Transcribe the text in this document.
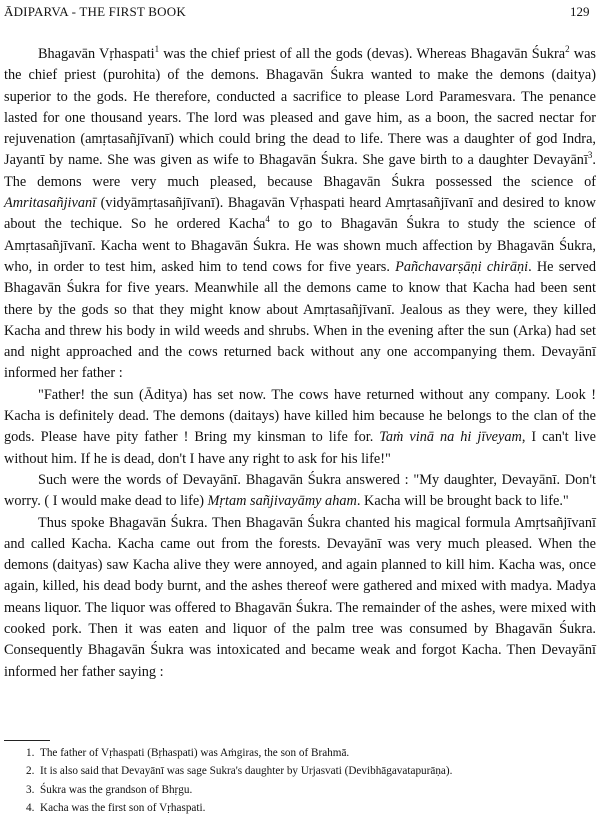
ĀDIPARVA - THE FIRST BOOK	129

Bhagavān Vṛhaspati$^1$ was the chief priest of all the gods (devas). Whereas Bhagavān Śukra$^2$ was the chief priest (purohita) of the demons. Bhagavān Śukra wanted to make the demons (daitya) superior to the gods. He therefore, conducted a sacrifice to please Lord Paramesvara. The penance lasted for one thousand years. The lord was pleased and gave him, as a boon, the sacred nectar for rejuvenation (amṛtasañjīvanī) which could bring the dead to life. There was a daughter of god Indra, Jayantī by name. She was given as wife to Bhagavān Śukra. She gave birth to a daughter Devayānī$^3$. The demons were very much pleased, because Bhagavān Śukra possessed the science of Amritasañjivanī (vidyāmṛtasañjīvanī). Bhagavān Vṛhaspati heard Amṛtasañjīvanī and desired to know about the techique. So he ordered Kacha$^4$ to go to Bhagavān Śukra to study the science of Amṛtasañjīvanī. Kacha went to Bhagavān Śukra. He was shown much affection by Bhagavān Śukra, who, in order to test him, asked him to tend cows for five years. Pañchavarṣāṇi chirāṇi. He served Bhagavān Śukra for five years. Meanwhile all the demons came to know that Kacha had been sent there by the gods so that they might know about Amṛtasañjīvanī. Jealous as they were, they killed Kacha and threw his body in wild weeds and shrubs. When in the evening after the sun (Arka) had set and night approached and the cows returned back without any one accompanying them. Devayānī informed her father :

"Father! the sun (Āditya) has set now. The cows have returned without any company. Look ! Kacha is definitely dead. The demons (daitays) have killed him because he belongs to the clan of the gods. Please have pity father ! Bring my kinsman to life for. Taṁ vinā na hi jīveyam, I can't live without him. If he is dead, don't I have any right to ask for his life!"

Such were the words of Devayānī. Bhagavān Śukra answered : "My daughter, Devayānī. Don't worry. ( I would make dead to life) Mṛtam sañjivayāmy aham. Kacha will be brought back to life."

Thus spoke Bhagavān Śukra. Then Bhagavān Śukra chanted his magical formula Amṛtsañjīvanī and called Kacha. Kacha came out from the forests. Devayānī was very much pleased. When the demons (daityas) saw Kacha alive they were annoyed, and again planned to kill him. Kacha was, once again, killed, his dead body burnt, and the ashes thereof were gathered and mixed with madya. Madya means liquor. The liquor was offered to Bhagavān Śukra. The remainder of the ashes, were mixed with cooked pork. Then it was eaten and liquor of the palm tree was consumed by Bhagavān Śukra. Consequently Bhagavān Śukra was intoxicated and became weak and forgot Kacha. Then Devayānī informed her father saying :

1. The father of Vṛhaspati (Bṛhaspati) was Aṁgiras, the son of Brahmā.
2. It is also said that Devayānī was sage Sukra's daughter by Urjasvati (Devibhāgavatapurāṇa).
3. Śukra was the grandson of Bhṛgu.
4. Kacha was the first son of Vṛhaspati.
